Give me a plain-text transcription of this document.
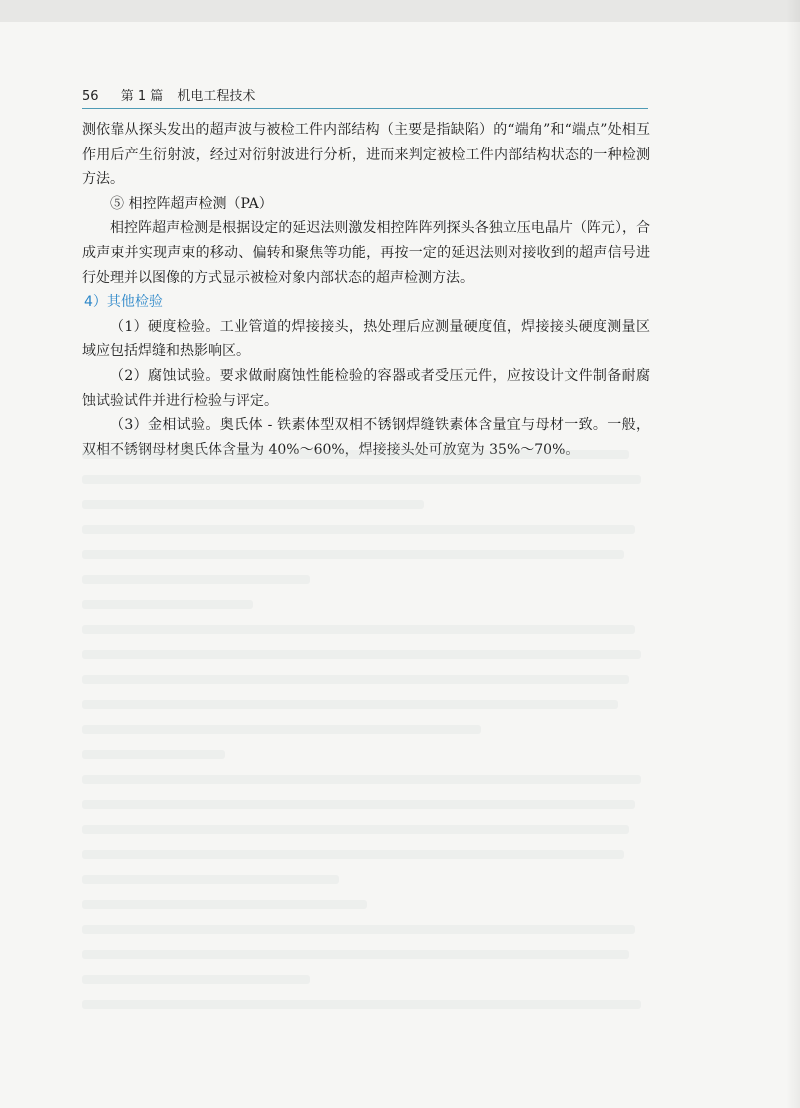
56 第 1 篇 机电工程技术

测依靠从探头发出的超声波与被检工件内部结构（主要是指缺陷）的“端角”和“端点”处相互作用后产生衍射波，经过对衍射波进行分析，进而来判定被检工件内部结构状态的一种检测方法。

⑤ 相控阵超声检测（PA）

相控阵超声检测是根据设定的延迟法则激发相控阵阵列探头各独立压电晶片（阵元），合成声束并实现声束的移动、偏转和聚焦等功能，再按一定的延迟法则对接收到的超声信号进行处理并以图像的方式显示被检对象内部状态的超声检测方法。

4）其他检验

（1）硬度检验。工业管道的焊接接头，热处理后应测量硬度值，焊接接头硬度测量区域应包括焊缝和热影响区。

（2）腐蚀试验。要求做耐腐蚀性能检验的容器或者受压元件，应按设计文件制备耐腐蚀试验试件并进行检验与评定。

（3）金相试验。奥氏体 - 铁素体型双相不锈钢焊缝铁素体含量宜与母材一致。一般，双相不锈钢母材奥氏体含量为 40%～60%，焊接接头处可放宽为 35%～70%。
